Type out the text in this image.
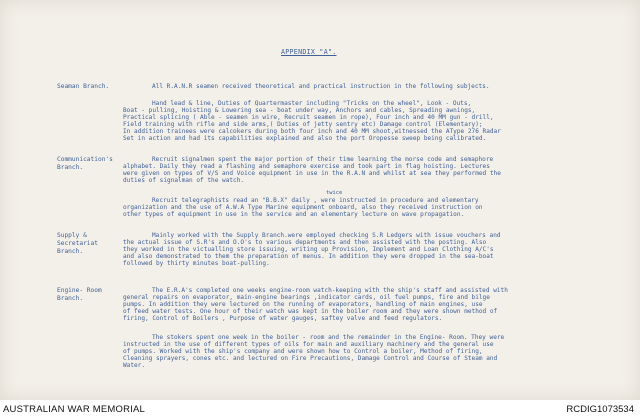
APPENDIX "A".
Seaman Branch.	All R.A.N.R seamen received theoretical and practical instruction in the following subjects.
Hand lead & line, Duties of Quartermaster including "Tricks on the wheel", Look - Outs,
Boat - pulling, Hoisting & Lowering sea - boat under way, Anchors and cables, Spreading awnings,
Practical splicing ( Able - seamen in wire, Recruit seamen in rope), Four inch and 40 MM gun - drill,
Field training with rifle and side arms,( Duties of jetty sentry etc) Damage control (Elementary);
In addition trainees were calcokers during both four inch and 40 MM shoot,witnessed the AType 276 Radar
Set in action and had its capabilities explained and also the port Oropesse sweep being calibrated.
Communication's
Branch.
Recruit signalmen spent the major portion of their time learning the morse code and semaphore
alphabet. Daily they read a flashing and semaphore exercise and took part in flag hoisting. Lectures
were given on types of V/S and Voice equipment in use in the R.A.N and whilst at sea they performed the
duties of signalman of the watch.
twice
Recruit telegraphists read an "B.B.X" daily , were instructed in procedure and elementary
organization and the use of A.W.A Type Marine equipment onboard, also they received instruction on
other types of equipment in use in the service and an elementary lecture on wave propagation.
Supply &
Secretariat
Branch.
Mainly worked with the Supply Branch.were employed checking S.R Ledgers with issue vouchers and
the actual issue of S.R's and O.O's to various departments and then assisted with the posting. Also
they worked in the victualling store issuing, writing up Provision, Implement and Loan Clothing A/C's
and also demonstrated to them the preparation of menus. In addition they were dropped in the sea-boat
followed by thirty minutes boat-pulling.
Engine- Room
Branch.
The E.R.A's completed one weeks engine-room watch-keeping with the ship's staff and assisted with
general repairs on evaporator, main-engine bearings ,indicator cards, oil fuel pumps, fire and bilge
pumps. In addition they were lectured on the running of evaporators, handling of main engines, use
of feed water tests. One hour of their watch was kept in the boiler room and they were shown method of
firing, Control of Boilers , Purpose of water gauges, saftey valve and feed regulators.
The stokers spent one week in the boiler - room and the remainder in the Engine- Room. They were
instructed in the use of different types of oils for main and auxiliary machinery and the general use
of pumps. Worked with the ship's company and were shown how to Control a boiler, Method of firing,
Cleaning sprayers, cones etc. and lectured on Fire Precautions, Damage Control and Course of Steam and
Water.
AUSTRALIAN WAR MEMORIAL	RCDIG1073534
